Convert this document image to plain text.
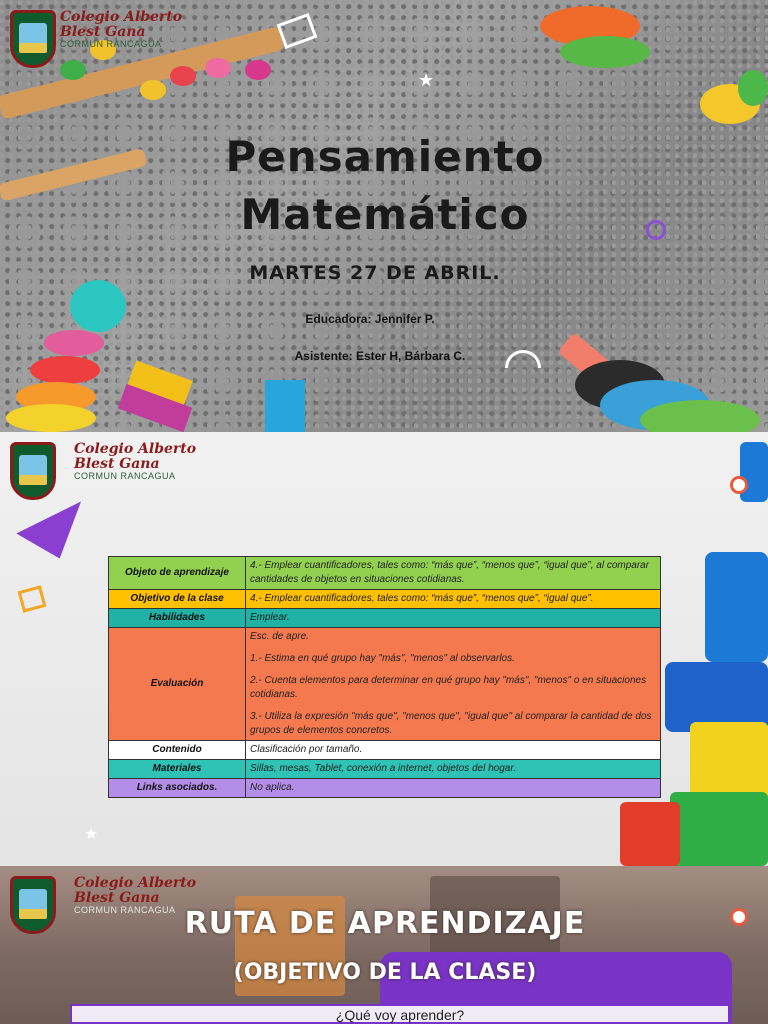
Colegio Alberto
Blest Gana
CORMUN RANCAGUA
Pensamiento Matemático
MARTES 27 DE ABRIL.
Educadora: Jennifer P.
Asistente: Ester H, Bárbara C.
★
★
Colegio Alberto
Blest Gana
CORMUN RANCAGUA
Objeto de aprendizaje	4.- Emplear cuantificadores, tales como: “más que”, “menos que”, “igual que”, al comparar cantidades de objetos en situaciones cotidianas.
Objetivo de la clase	4.- Emplear cuantificadores, tales como: “más que”, “menos que”, “igual que”.
Habilidades	Emplear.
Evaluación	Esc. de apre.

1.- Estima en qué grupo hay "más", "menos" al observarlos.

2.- Cuenta elementos para determinar en qué grupo hay "más", "menos" o en situaciones cotidianas.

3.- Utiliza la expresión "más que", "menos que", "igual que" al comparar la cantidad de dos grupos de elementos concretos.

Contenido	Clasificación por tamaño.
Materiales	Sillas, mesas, Tablet, conexión a internet, objetos del hogar.
Links asociados.	No aplica.
Colegio Alberto
Blest Gana
CORMUN RANCAGUA RUTA DE APRENDIZAJE
(OBJETIVO DE LA CLASE)
¿Qué voy aprender?
